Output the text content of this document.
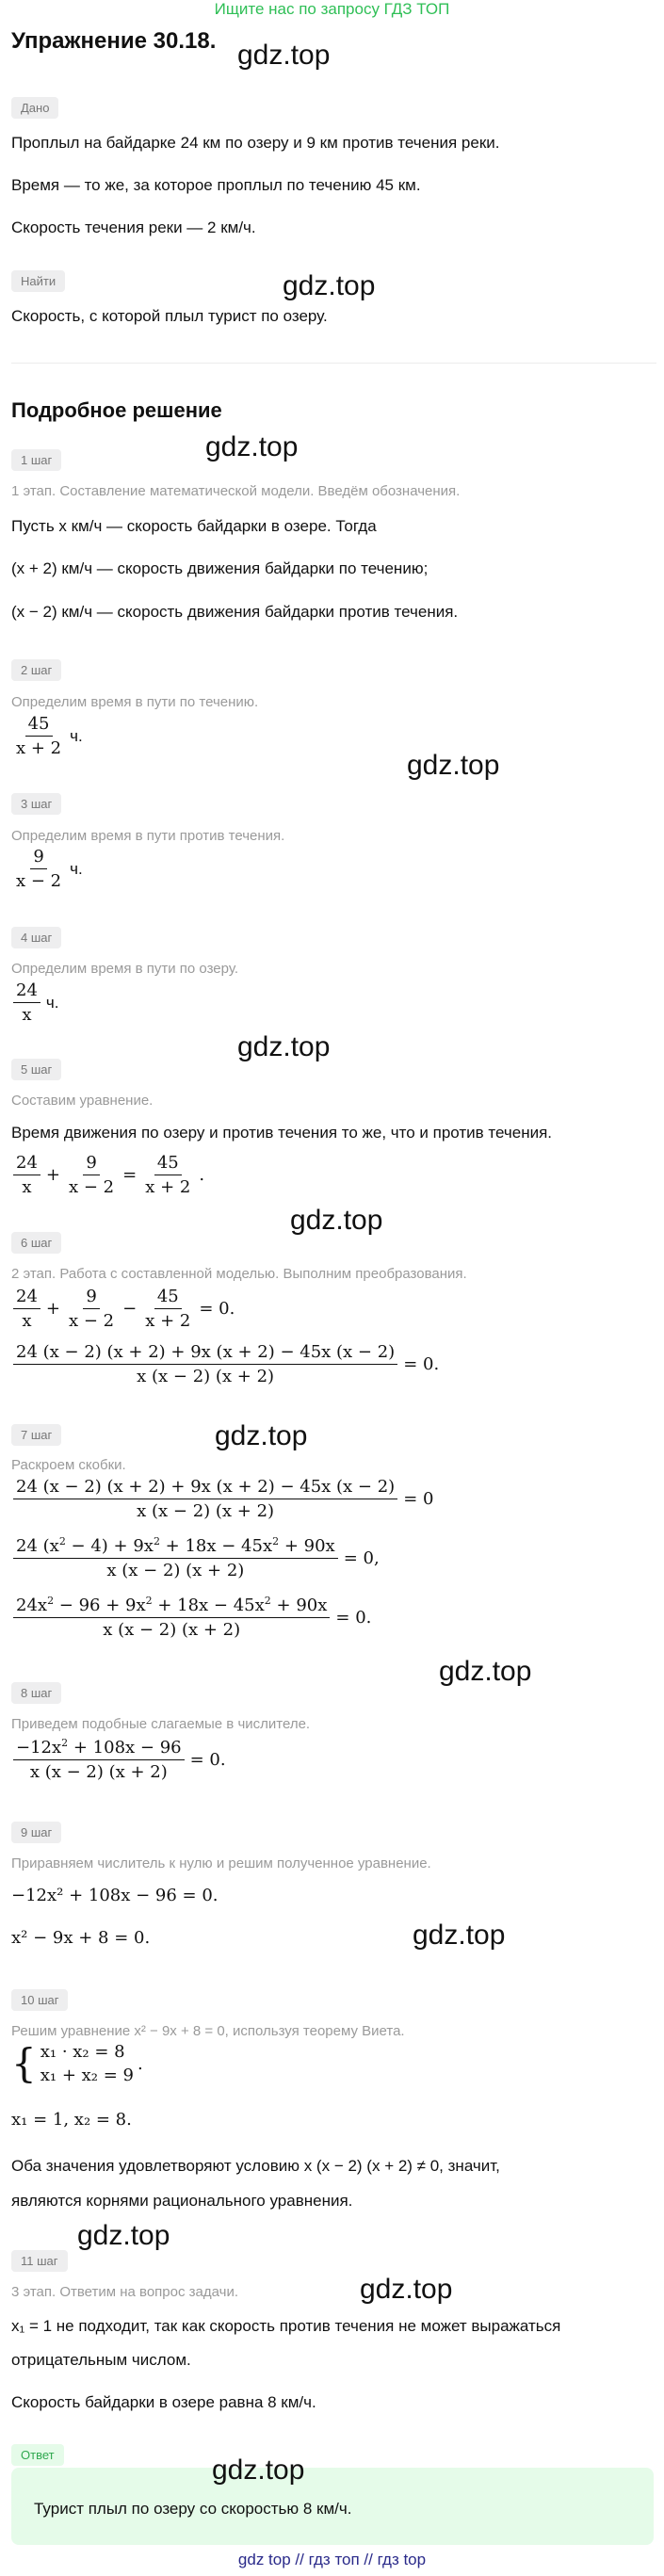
Ищите нас по запросу ГДЗ ТОП
Упражнение 30.18. gdz.top
Дано
Проплыл на байдарке 24 км по озеру и 9 км против течения реки.
Время — то же, за которое проплыл по течению 45 км.
Скорость течения реки — 2 км/ч.
Найти	gdz.top
Скорость, с которой плыл турист по озеру.
Подробное решение
1 шаг	gdz.top
1 этап. Составление математической модели. Введём обозначения.
Пусть x км/ч — скорость байдарки в озере. Тогда
(x + 2) км/ч — скорость движения байдарки по течению;
(x − 2) км/ч — скорость движения байдарки против течения.
2 шаг
Определим время в пути по течению.
$\frac{45}{x + 2} ч$.
gdz.top
3 шаг
Определим время в пути против течения.
$\frac{9}{x - 2} ч$.
4 шаг
Определим время в пути по озеру.
$\frac{24}{x} ч$.
gdz.top
5 шаг
Составим уравнение.
Время движения по озеру и против течения то же, что и против течения.
$\frac{24}{x} + \frac{9}{x - 2} = \frac{45}{x + 2}$ .
gdz.top
6 шаг
2 этап. Работа с составленной моделью. Выполним преобразования.
$\frac{24}{x} + \frac{9}{x - 2} - \frac{45}{x + 2} = 0$.
$\frac{24 (x - 2) (x + 2) + 9x (x + 2) - 45x (x - 2)}{x (x - 2) (x + 2)} = 0$.
7 шаг	gdz.top
Раскроем скобки.
$\frac{24 (x - 2) (x + 2) + 9x (x + 2) - 45x (x - 2)}{x (x - 2) (x + 2)} = 0$
$\frac{24 (x^2 - 4) + 9x^2 + 18x - 45x^2 + 90x}{x (x - 2) (x + 2)} = 0$,
$\frac{24x^2 - 96 + 9x^2 + 18x - 45x^2 + 90x}{x (x - 2) (x + 2)} = 0$.
gdz.top
8 шаг
Приведем подобные слагаемые в числителе.
$\frac{-12x^2 + 108x - 96}{x (x - 2) (x + 2)} = 0$.
9 шаг
Приравняем числитель к нулю и решим полученное уравнение.
−12x² + 108x − 96 = 0.
x² − 9x + 8 = 0.	gdz.top
10 шаг
Решим уравнение x² − 9x + 8 = 0, используя теорему Виета.
{ x₁ · x₂ = 8
x₁ + x₂ = 9
.
x₁ = 1, x₂ = 8.
Оба значения удовлетворяют условию x (x − 2) (x + 2) ≠ 0, значит,
являются корнями рационального уравнения.
gdz.top
11 шаг
gdz.top
3 этап. Ответим на вопрос задачи.
x₁ = 1 не подходит, так как скорость против течения не может выражаться
отрицательным числом.
Скорость байдарки в озере равна 8 км/ч.
Ответ	gdz.top
Турист плыл по озеру со скоростью 8 км/ч.
gdz top // гдз топ // гдз top
